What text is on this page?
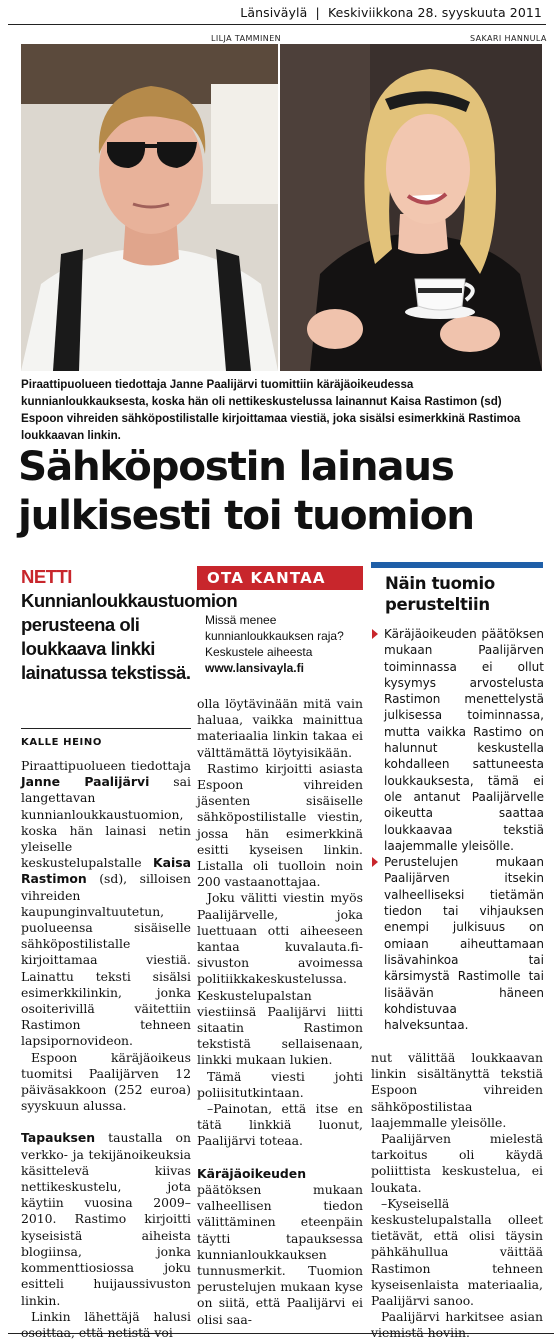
Länsiväylä  |  Keskiviikkona 28. syyskuuta 2011
LILJA TAMMINEN	SAKARI HANNULA
Piraattipuolueen tiedottaja Janne Paalijärvi tuomittiin käräjäoikeudessa kunnianloukkauksesta, koska hän oli nettikeskustelussa lainannut Kaisa Rastimon (sd) Espoon vihreiden sähköpostilistalle kirjoittamaa viestiä, joka sisälsi esimerkkinä Rastimoa loukkaavan linkin.
Sähköpostin lainaus
julkisesti toi tuomion
NETTI Kunnianloukkaustuomion perusteena oli loukkaava linkki lainatussa tekstissä.
KALLE HEINO

Piraattipuolueen tiedottaja Janne Paalijärvi sai langettavan kunnianloukkaustuomion, koska hän lainasi netin yleiselle keskustelupalstalle Kaisa Rastimon (sd), silloisen vihreiden kaupunginvaltuutetun, puolueensa sisäiselle sähköpostilistalle kirjoittamaa viestiä. Lainattu teksti sisälsi esimerkkilinkin, jonka osoiterivillä väitettiin Rastimon tehneen lapsipornovideon.

Espoon käräjäoikeus tuomitsi Paalijärven 12 päiväsakkoon (252 euroa) syyskuun alussa.

Tapauksen taustalla on verkko- ja tekijänoikeuksia käsittelevä kiivas nettikeskustelu, jota käytiin vuosina 2009–2010. Rastimo kirjoitti kyseisistä aiheista blogiinsa, jonka kommenttiosiossa joku esitteli huijaussivuston linkin.

Linkin lähettäjä halusi osoittaa, että netistä voi

OTA KANTAA
Missä menee kunnianloukkauksen raja? Keskustele aiheesta
www.lansivayla.fi

olla löytävinään mitä vain haluaa, vaikka mainittua materiaalia linkin takaa ei välttämättä löytyisikään.

Rastimo kirjoitti asiasta Espoon vihreiden jäsenten sisäiselle sähköpostilistalle viestin, jossa hän esimerkkinä esitti kyseisen linkin. Listalla oli tuolloin noin 200 vastaanottajaa.

Joku välitti viestin myös Paalijärvelle, joka luettuaan otti aiheeseen kantaa kuvalauta.fi-sivuston avoimessa politiikkakeskustelussa. Keskustelupalstan viestiinsä Paalijärvi liitti sitaatin Rastimon tekstistä sellaisenaan, linkki mukaan lukien.

Tämä viesti johti poliisitutkintaan.

–Painotan, että itse en tätä linkkiä luonut, Paalijärvi toteaa.

Käräjäoikeuden päätöksen mukaan valheellisen tiedon välittäminen eteenpäin täytti tapauksessa kunnianloukkauksen tunnusmerkit. Tuomion perustelujen mukaan kyse on siitä, että Paalijärvi ei olisi saa-

Näin tuomio perusteltiin

Käräjäoikeuden päätöksen mukaan Paalijärven toiminnassa ei ollut kysymys arvostelusta Rastimon menettelystä julkisessa toiminnassa, mutta vaikka Rastimo on halunnut keskustella kohdalleen sattuneesta loukkauksesta, tämä ei ole antanut Paalijärvelle oikeutta saattaa loukkaavaa tekstiä laajemmalle yleisölle.

Perustelujen mukaan Paalijärven itsekin valheelliseksi tietämän tiedon tai vihjauksen enempi julkisuus on omiaan aiheuttamaan lisävahinkoa tai kärsimystä Rastimolle tai lisäävän häneen kohdistuvaa halveksuntaa.

nut välittää loukkaavan linkin sisältänyttä tekstiä Espoon vihreiden sähköpostilistaa laajemmalle yleisölle.

Paalijärven mielestä tarkoitus oli käydä poliittista keskustelua, ei loukata.

–Kyseisellä keskustelupalstalla olleet tietävät, että olisi täysin pähkähullua väittää Rastimon tehneen kyseisenlaista materiaalia, Paalijärvi sanoo.

Paalijärvi harkitsee asian viemistä hoviin.
